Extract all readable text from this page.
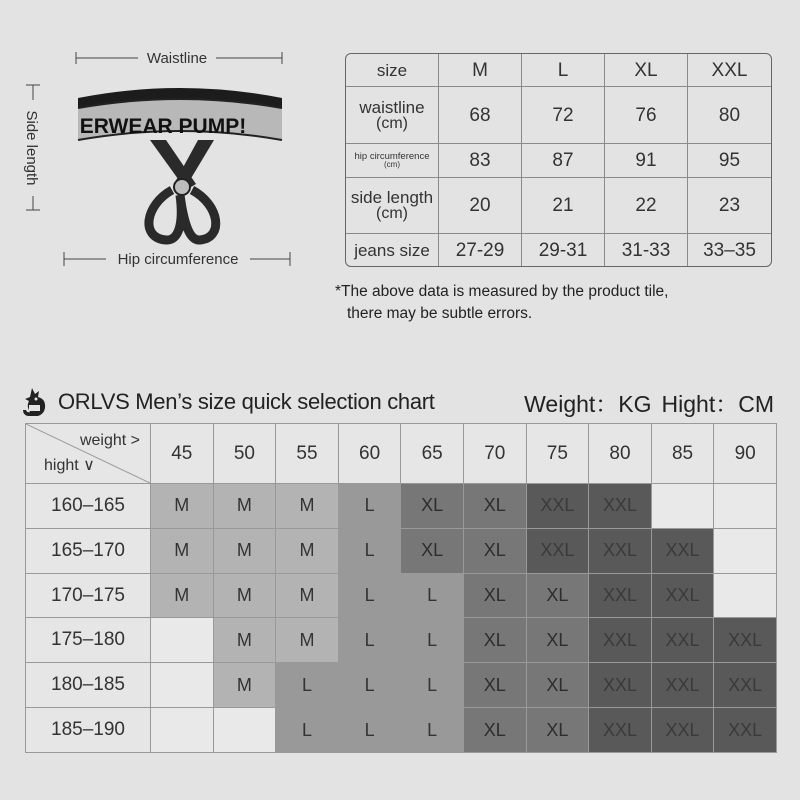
Waistline
Side length
Hip circumference
ERWEAR PUMP!
size	M	L	XL	XXL
waistline
(cm)	68	72	76	80
hip circumference
(cm)	83	87	91	95
side length
(cm)	20	21	22	23
jeans size	27-29	29-31	31-33	33–35
*The above data is measured by the product tile,
there may be subtle errors.
ORLVS Men’s size quick selection chart	Weight：KG Hight：CM
weight >
hight ∨	45	50	55	60	65	70	75	80	85	90
160–165	M	M	M	L	XL	XL	XXL	XXL		
165–170	M	M	M	L	XL	XL	XXL	XXL	XXL	
170–175	M	M	M	L	L	XL	XL	XXL	XXL	
175–180		M	M	L	L	XL	XL	XXL	XXL	XXL
180–185		M	L	L	L	XL	XL	XXL	XXL	XXL
185–190			L	L	L	XL	XL	XXL	XXL	XXL
